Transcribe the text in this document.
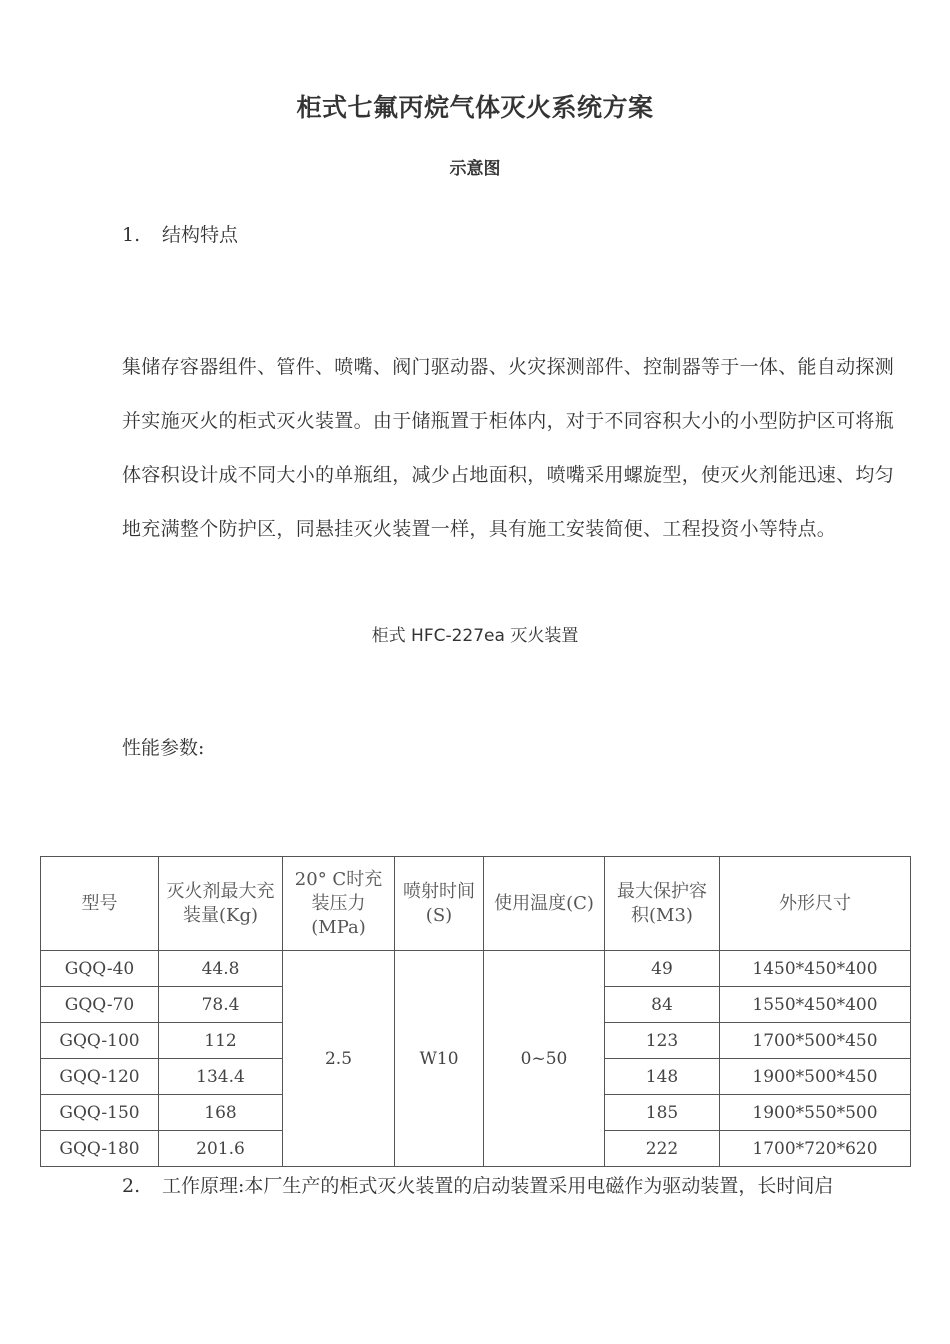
柜式七氟丙烷气体灭火系统方案
示意图
1. 结构特点
集储存容器组件、管件、喷嘴、阀门驱动器、火灾探测部件、控制器等于一体、能自动探测并实施灭火的柜式灭火装置。由于储瓶置于柜体内，对于不同容积大小的小型防护区可将瓶体容积设计成不同大小的单瓶组，减少占地面积，喷嘴采用螺旋型，使灭火剂能迅速、均匀地充满整个防护区，同悬挂灭火装置一样，具有施工安装简便、工程投资小等特点。
柜式 HFC-227ea 灭火装置
性能参数:
型号	灭火剂最大充装量(Kg)	20° C时充装压力(MPa)	喷射时间(S)	使用温度(C)	最大保护容积(M3)	外形尺寸
GQQ-40	44.8	2.5	W10	0~50	49	1450*450*400
GQQ-70	78.4				84	1550*450*400
GQQ-100	112				123	1700*500*450
GQQ-120	134.4				148	1900*500*450
GQQ-150	168				185	1900*550*500
GQQ-180	201.6				222	1700*720*620
2. 工作原理:本厂生产的柜式灭火装置的启动装置采用电磁作为驱动装置，长时间启
